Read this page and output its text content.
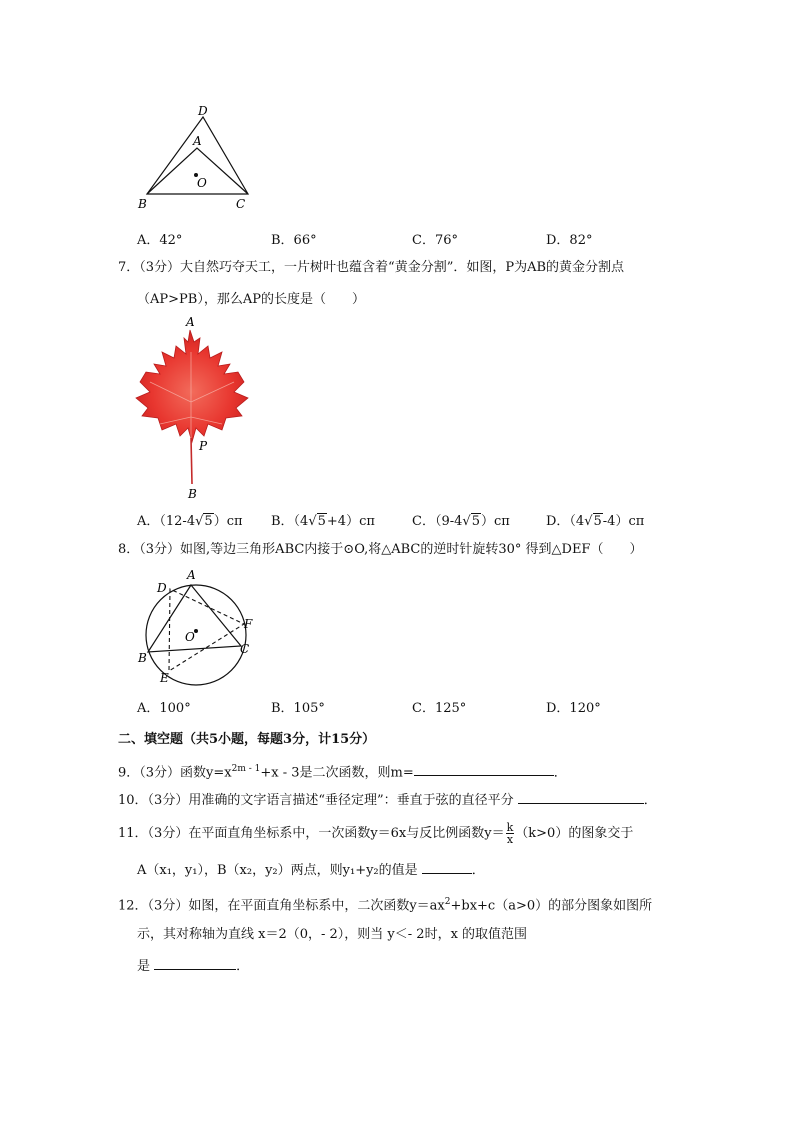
D
A
O
B	C
A．42°	B．66°	C．76°	D．82°
7．（3分）大自然巧夺天工，一片树叶也蕴含着“黄金分割”．如图，P为AB的黄金分割点
（AP>PB），那么AP的长度是（　　）
A
P
B
A．（12-4√5）cπ B．（4√5+4）cπ	C．（9-4√5）cπ	D．（4√5-4）cπ
8．（3分）如图,等边三角形ABC内接于⊙O,将△ABC的逆时针旋转30° 得到△DEF（　　）
D
A
F
O
B
C
E
A．100°	B．105°	C．125°	D．120°
二、填空题（共5小题，每题3分，计15分）
9．（3分）函数$y=x^{2m - 1}+x - 3$是二次函数，则m=	．
10．（3分）用准确的文字语言描述“垂径定理”：垂直于弦的直径平分	．
11．（3分）在平面直角坐标系中，一次函数y＝6x与反比例函数$y= \frac{k}{x} (k>0)$的图象交于
A（x₁，y₁），B（x₂，y₂）两点，则y₁+y₂的值是	．
12．（3分）如图，在平面直角坐标系中，二次函数$y=ax^2+bx+c(a>0)$的部分图象如图所
示，其对称轴为直线 x＝2（0，- 2），则当 y＜- 2时，x 的取值范围
是	．
